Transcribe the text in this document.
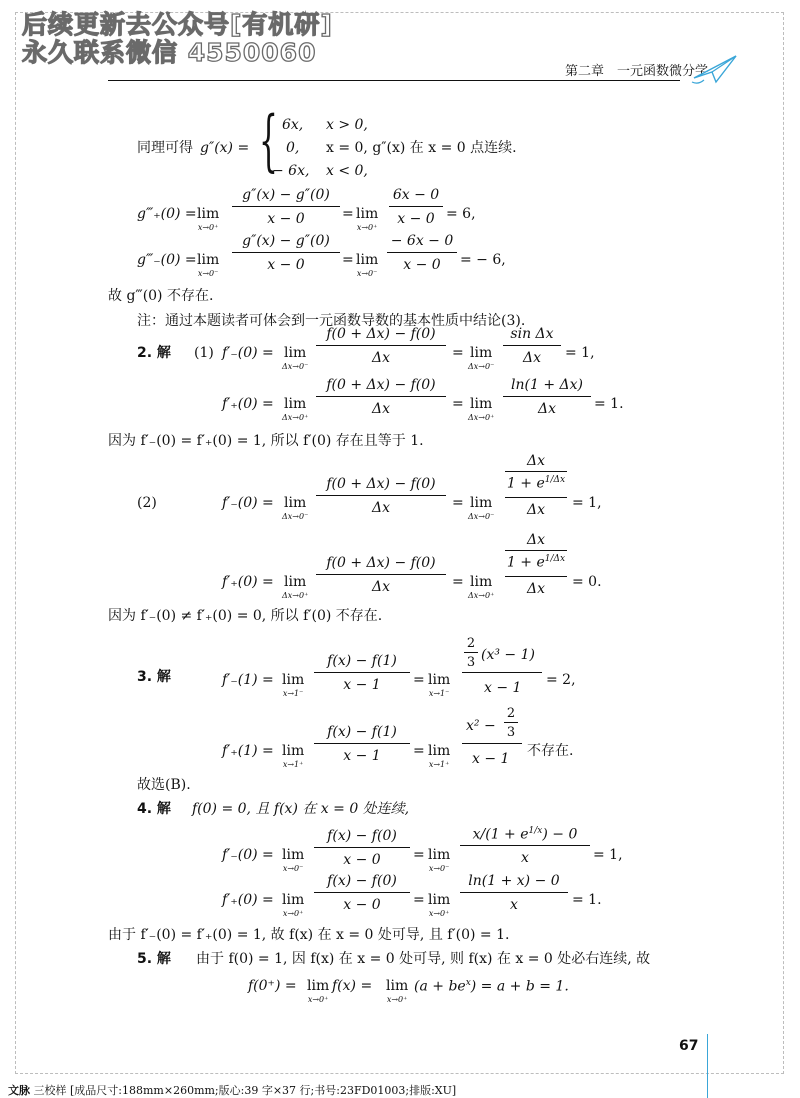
后续更新去公众号[有机研]
永久联系微信 4550060
第二章　一元函数微分学
同理可得 g″(x) = { 6x, x > 0,
0, x = 0, g″(x) 在 x = 0 点连续.
− 6x, x < 0,
g‴₊(0) = lim
x→0⁺
g″(x) − g″(0)
x − 0	= lim
x→0⁺
6x − 0
x − 0 = 6,
g‴₋(0) = lim
x→0⁻
g″(x) − g″(0)
x − 0	= lim
x→0⁻
− 6x − 0
x − 0	= − 6,
故 g‴(0) 不存在.
注：通过本题读者可体会到一元函数导数的基本性质中结论(3).
2. 解 (1) f′₋(0) = lim
Δx→0⁻
f(0 + Δx) − f(0)
Δx	= lim
Δx→0⁻
sin Δx
Δx	= 1,
f′₊(0) = lim
Δx→0⁺
f(0 + Δx) − f(0)
Δx	= lim
Δx→0⁺
ln(1 + Δx)
Δx	= 1.
因为 f′₋(0) = f′₊(0) = 1, 所以 f′(0) 存在且等于 1.
(2)	f′₋(0) = lim
Δx→0⁻
f(0 + Δx) − f(0)
Δx	= lim
Δx→0⁻
Δx
$1 + e^{1/\Delta x}$
Δx	= 1,
f′₊(0) = lim
Δx→0⁺
f(0 + Δx) − f(0)
Δx	= lim
Δx→0⁺
Δx
$1 + e^{1/\Delta x}$
Δx	= 0.
因为 f′₋(0) ≠ f′₊(0) = 0, 所以 f′(0) 不存在.
3. 解	f′₋(1) = lim
x→1⁻
f(x) − f(1)
x − 1	= lim
x→1⁻
2
3 (x³ − 1)
x − 1 = 2,
f′₊(1) = lim
x→1⁺
f(x) − f(1)
x − 1	= lim
x→1⁺
x² −
2
3
x − 1 不存在.
故选(B).
4. 解 f(0) = 0, 且 f(x) 在 x = 0 处连续,
f′₋(0) = lim
x→0⁻
f(x) − f(0)
x − 0	= lim
x→0⁻
$x/(1 + e^{1/x}) - 0$
x	= 1,
f′₊(0) = lim
x→0⁺
f(x) − f(0)
x − 0	= lim
x→0⁺
ln(1 + x) − 0
x	= 1.
由于 f′₋(0) = f′₊(0) = 1, 故 f(x) 在 x = 0 处可导, 且 f′(0) = 1.
5. 解 由于 f(0) = 1, 因 f(x) 在 x = 0 处可导, 则 f(x) 在 x = 0 处必右连续, 故
f(0⁺) = lim
x→0⁺
f(x) = lim
x→0⁺
$(a + be^x) = a + b = 1$.
67
文脉 三校样 [成品尺寸:188mm×260mm;版心:39 字×37 行;书号:23FD01003;排版:XU]
